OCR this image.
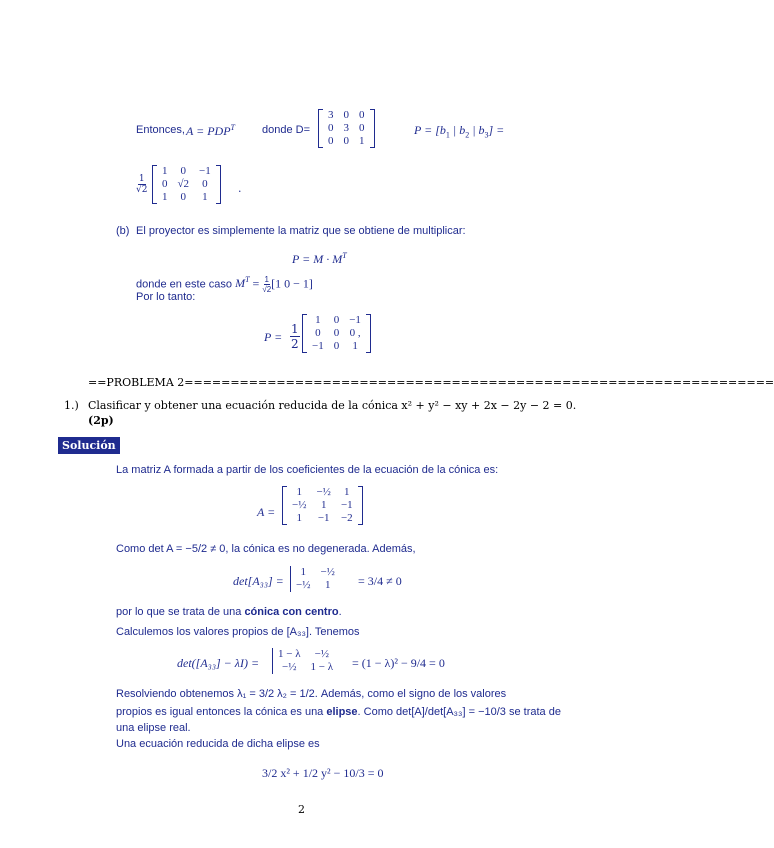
Entonces, $A = PDP^T$ donde D=
3	0	0
0	3	0
0	0	1
$P = [b_1$ | $b_2$ | $b_3$] =
$\frac{1}{√2}$
1	0	−1
0	√2	0
1	0	1
.
(b) El proyector es simplemente la matriz que se obtiene de multiplicar:
$P = M \cdot M^T$
donde en este caso $M^T = \frac{1}{√2} [1$ 0 − 1]
Por lo tanto:
$P = \frac{1}{2}$
1	0	−1
0	0	0 ,
−1	0	1
==PROBLEMA 2================================================================
1.) Clasificar y obtener una ecuación reducida de la cónica x² + y² − xy + 2x − 2y − 2 = 0.
(2p)
Solución
La matriz A formada a partir de los coeficientes de la ecuación de la cónica es:
A =
1	−½	1
−½	1	−1
1	−1	−2
Como det A = −5/2 ≠ 0, la cónica es no degenerada. Además,
det[A₃₃] =
1	−½
−½	1 = 3/4 ≠ 0
por lo que se trata de una cónica con centro.
Calculemos los valores propios de [A₃₃]. Tenemos
det([A₃₃] − λI) =
1 − λ	−½
−½	1 − λ = (1 − λ)² − 9/4 = 0
Resolviendo obtenemos λ₁ = 3/2 λ₂ = 1/2. Además, como el signo de los valores
propios es igual entonces la cónica es una elipse. Como det[A]/det[A₃₃] = −10/3 se trata de
una elipse real.
Una ecuación reducida de dicha elipse es
3/2 x² + 1/2 y² − 10/3 = 0
2
